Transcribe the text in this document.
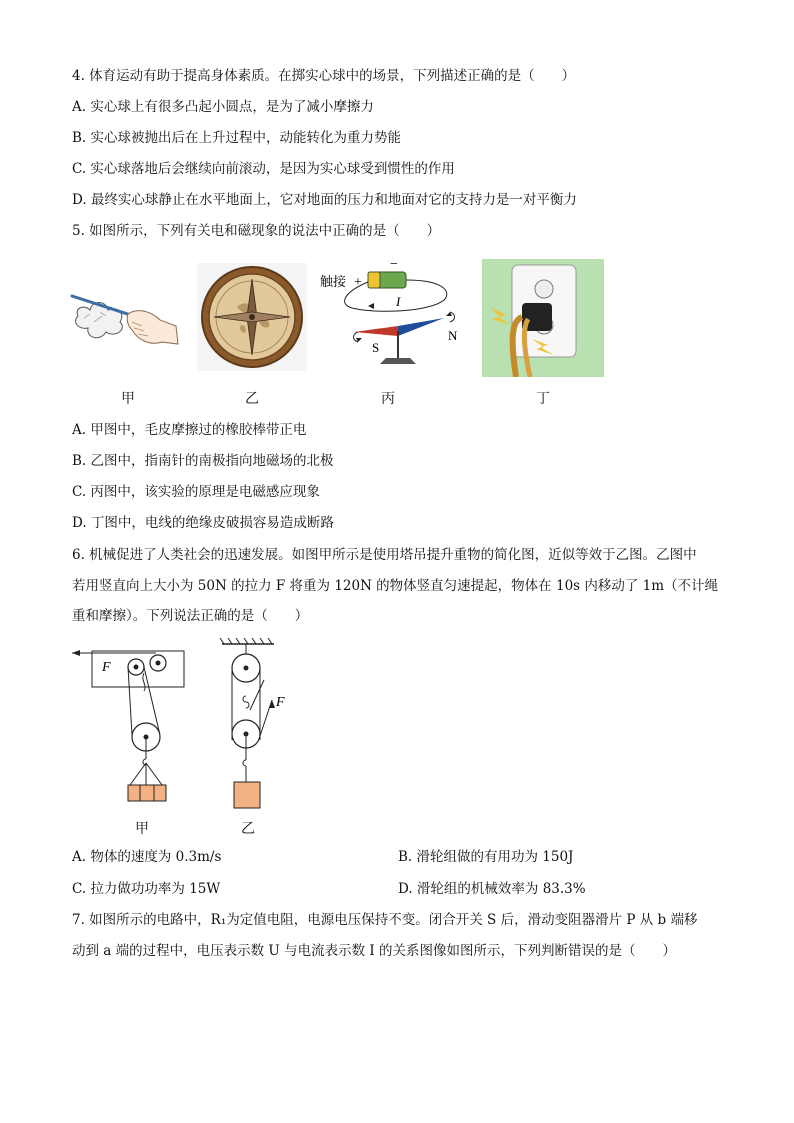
4. 体育运动有助于提高身体素质。在掷实心球中的场景，下列描述正确的是（　　）
A. 实心球上有很多凸起小圆点，是为了减小摩擦力
B. 实心球被抛出后在上升过程中，动能转化为重力势能
C. 实心球落地后会继续向前滚动，是因为实心球受到惯性的作用
D. 最终实心球静止在水平地面上，它对地面的压力和地面对它的支持力是一对平衡力
5. 如图所示，下列有关电和磁现象的说法中正确的是（　　）
甲	乙
触接 +
−
I
S
N
丙	丁
A. 甲图中，毛皮摩擦过的橡胶棒带正电
B. 乙图中，指南针的南极指向地磁场的北极
C. 丙图中，该实验的原理是电磁感应现象
D. 丁图中，电线的绝缘皮破损容易造成断路
6. 机械促进了人类社会的迅速发展。如图甲所示是使用塔吊提升重物的简化图，近似等效于乙图。乙图中
若用竖直向上大小为 50N 的拉力 F 将重为 120N 的物体竖直匀速提起，物体在 10s 内移动了 1m（不计绳
重和摩擦）。下列说法正确的是（　　）
F
甲
F
乙
A. 物体的速度为 0.3m/s	B. 滑轮组做的有用功为 150J
C. 拉力做功功率为 15W	D. 滑轮组的机械效率为 83.3%
7. 如图所示的电路中，R₁为定值电阻，电源电压保持不变。闭合开关 S 后，滑动变阻器滑片 P 从 b 端移
动到 a 端的过程中，电压表示数 U 与电流表示数 I 的关系图像如图所示，下列判断错误的是（　　）
